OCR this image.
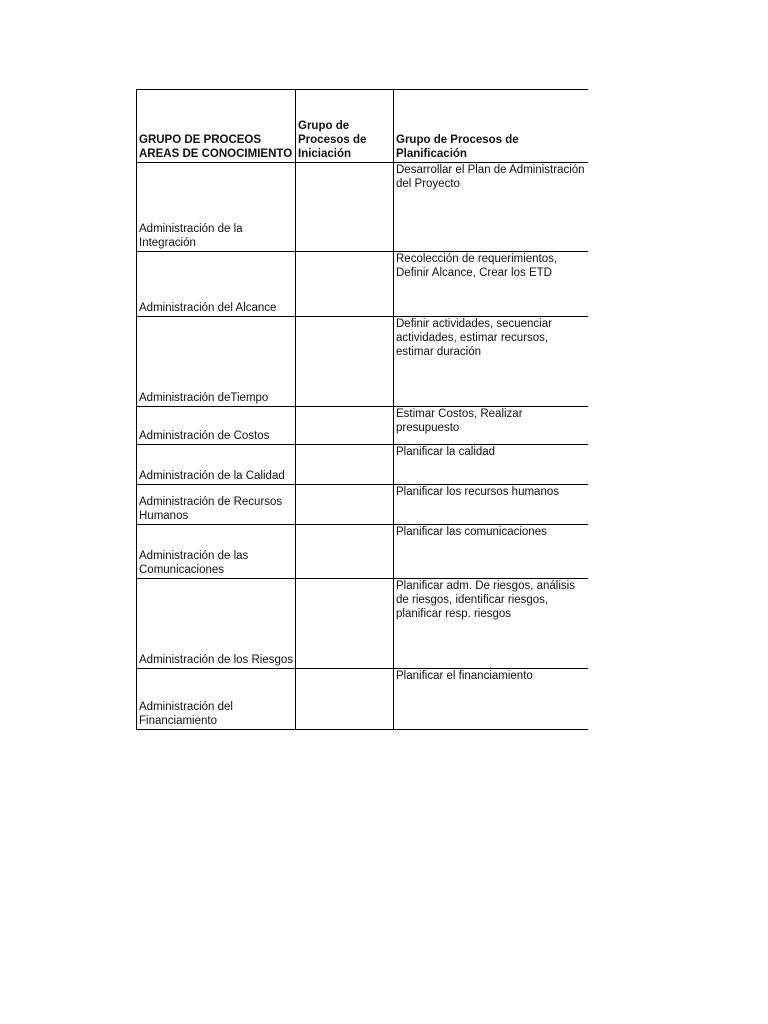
GRUPO DE PROCEOS
AREAS DE CONOCIMIENTO	Grupo de Procesos de Iniciación	Grupo de Procesos de Planificación
Administración de la Integración		Desarrollar el Plan de Administración del Proyecto
Administración del Alcance		Recolección de requerimientos, Definir Alcance, Crear los ETD
Administración deTiempo		Definir actividades, secuenciar actividades, estimar recursos, estimar duración
Administración de Costos		Estimar Costos, Realizar presupuesto
Administración de la Calidad		Planificar la calidad
Administración de Recursos Humanos		Planificar los recursos humanos
Administración de las Comunicaciones		Planificar las comunicaciones
Administración de los Riesgos		Planificar adm. De riesgos, análisis de riesgos, identificar riesgos, planificar resp. riesgos
Administración del Financiamiento		Planificar el financiamiento
